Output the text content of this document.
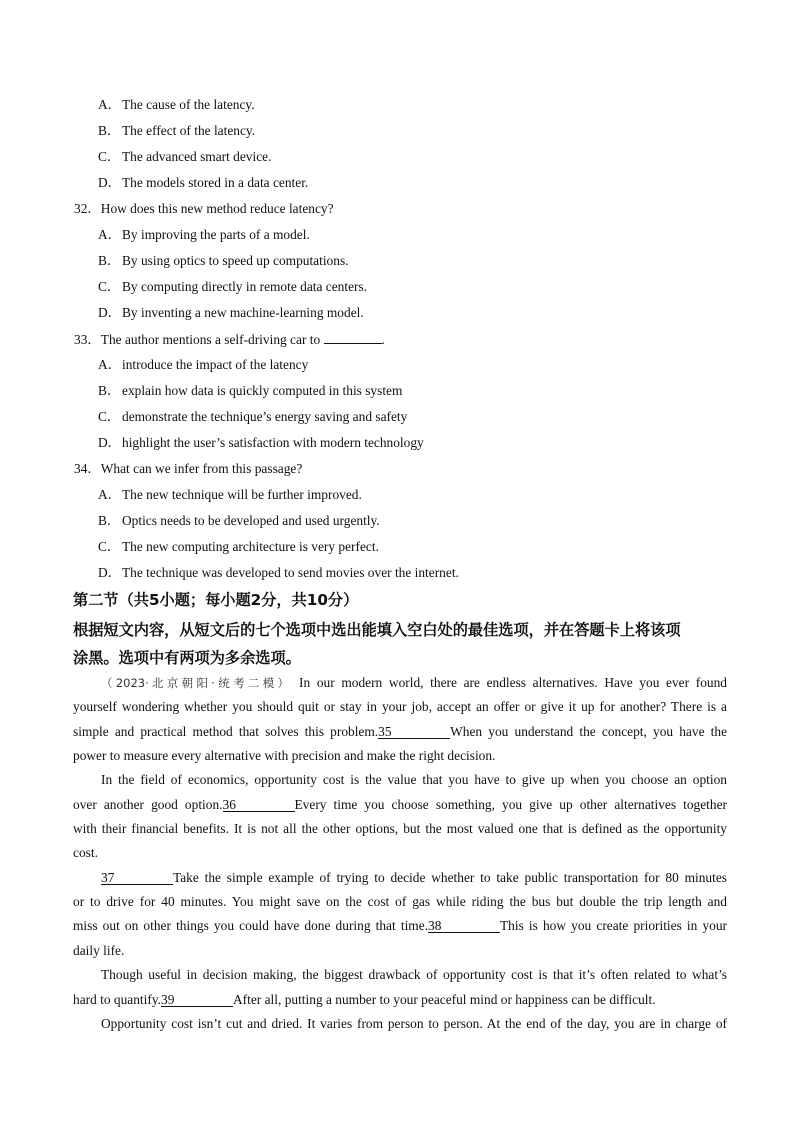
A．The cause of the latency.
B． The effect of the latency.
C． The advanced smart device.
D．The models stored in a data center.
32．How does this new method reduce latency?
A．By improving the parts of a model.
B． By using optics to speed up computations.
C． By computing directly in remote data centers.
D．By inventing a new machine-learning model.
33．The author mentions a self-driving car to	.
A．introduce the impact of the latency
B． explain how data is quickly computed in this system
C． demonstrate the technique’s energy saving and safety
D．highlight the user’s satisfaction with modern technology
34．What can we infer from this passage?
A．The new technique will be further improved.
B． Optics needs to be developed and used urgently.
C． The new computing architecture is very perfect.
D．The technique was developed to send movies over the internet.
第二节（共5小题；每小题2分，共10分）
根据短文内容，从短文后的七个选项中选出能填入空白处的最佳选项，并在答题卡上将该项
涂黑。选项中有两项为多余选项。
（2023·北京朝阳·统考二模） In our modern world, there are endless alternatives. Have you ever found
yourself wondering whether you should quit or stay in your job, accept an offer or give it up for another? There is a
simple and practical method that solves this problem.35	When you understand the concept, you have the
power to measure every alternative with precision and make the right decision.
In the field of economics, opportunity cost is the value that you have to give up when you choose an option
over another good option.36	Every time you choose something, you give up other alternatives together
with their financial benefits. It is not all the other options, but the most valued one that is defined as the opportunity
cost.
37	Take the simple example of trying to decide whether to take public transportation for 80 minutes
or to drive for 40 minutes. You might save on the cost of gas while riding the bus but double the trip length and
miss out on other things you could have done during that time.38	This is how you create priorities in your
daily life.
Though useful in decision making, the biggest drawback of opportunity cost is that it’s often related to what’s
hard to quantify.39	After all, putting a number to your peaceful mind or happiness can be difficult.
Opportunity cost isn’t cut and dried. It varies from person to person. At the end of the day, you are in charge of
